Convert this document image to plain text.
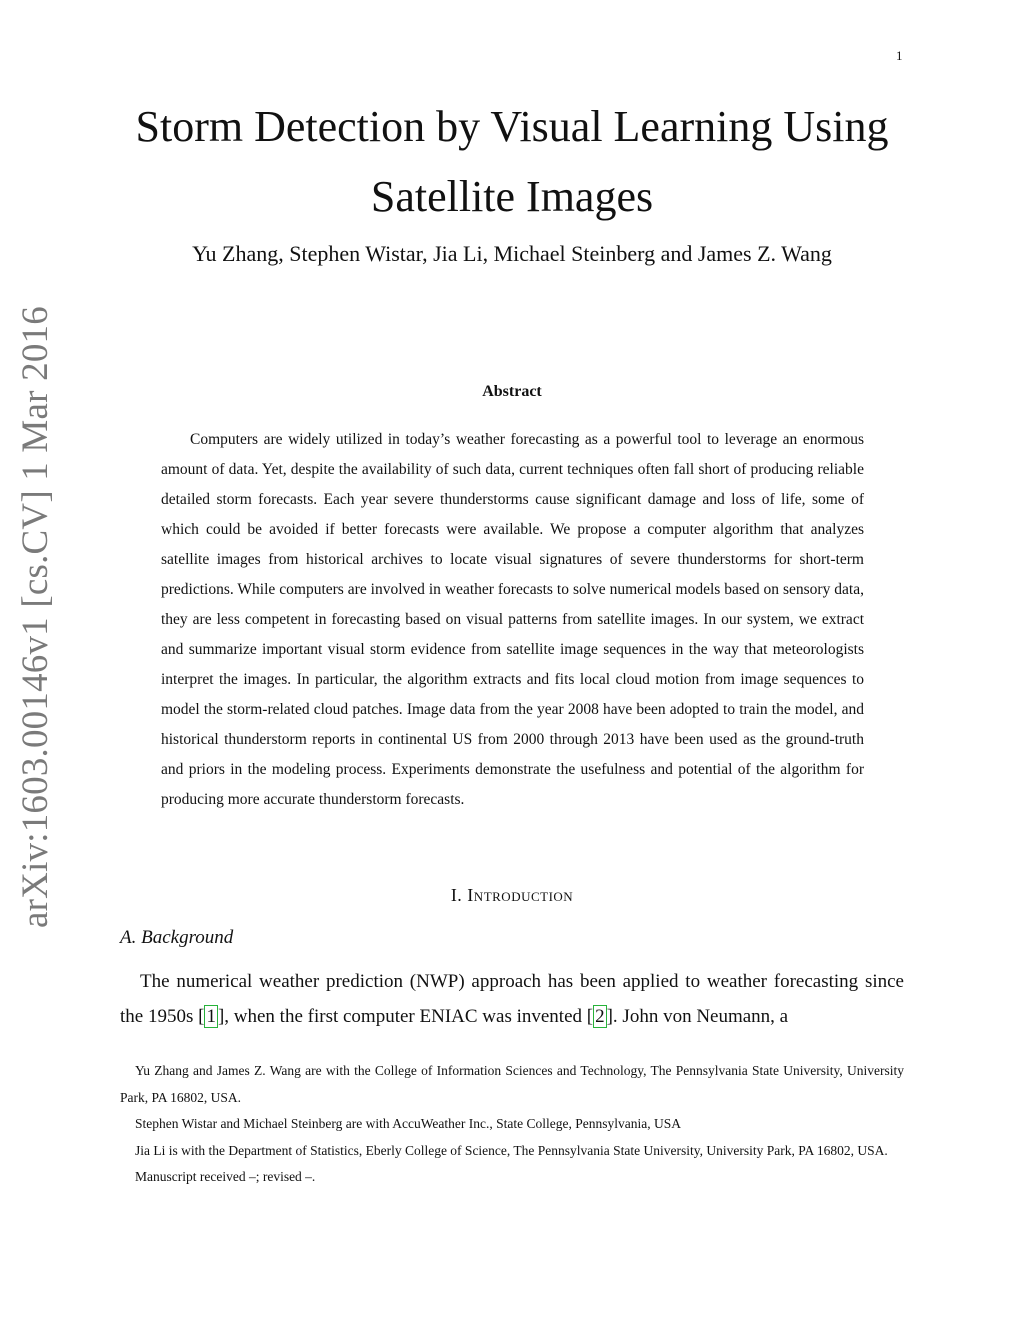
1
arXiv:1603.00146v1 [cs.CV] 1 Mar 2016
Storm Detection by Visual Learning Using Satellite Images
Yu Zhang, Stephen Wistar, Jia Li, Michael Steinberg and James Z. Wang
Abstract

Computers are widely utilized in today’s weather forecasting as a powerful tool to leverage an enormous amount of data. Yet, despite the availability of such data, current techniques often fall short of producing reliable detailed storm forecasts. Each year severe thunderstorms cause significant damage and loss of life, some of which could be avoided if better forecasts were available. We propose a computer algorithm that analyzes satellite images from historical archives to locate visual signatures of severe thunderstorms for short-term predictions. While computers are involved in weather forecasts to solve numerical models based on sensory data, they are less competent in forecasting based on visual patterns from satellite images. In our system, we extract and summarize important visual storm evidence from satellite image sequences in the way that meteorologists interpret the images. In particular, the algorithm extracts and fits local cloud motion from image sequences to model the storm-related cloud patches. Image data from the year 2008 have been adopted to train the model, and historical thunderstorm reports in continental US from 2000 through 2013 have been used as the ground-truth and priors in the modeling process. Experiments demonstrate the usefulness and potential of the algorithm for producing more accurate thunderstorm forecasts.

I. Introduction
A. Background

The numerical weather prediction (NWP) approach has been applied to weather forecasting since the 1950s [ 1 ], when the first computer ENIAC was invented [ 2 ]. John von Neumann, a

Yu Zhang and James Z. Wang are with the College of Information Sciences and Technology, The Pennsylvania State University, University Park, PA 16802, USA.

Stephen Wistar and Michael Steinberg are with AccuWeather Inc., State College, Pennsylvania, USA

Jia Li is with the Department of Statistics, Eberly College of Science, The Pennsylvania State University, University Park, PA 16802, USA.

Manuscript received –; revised –.
